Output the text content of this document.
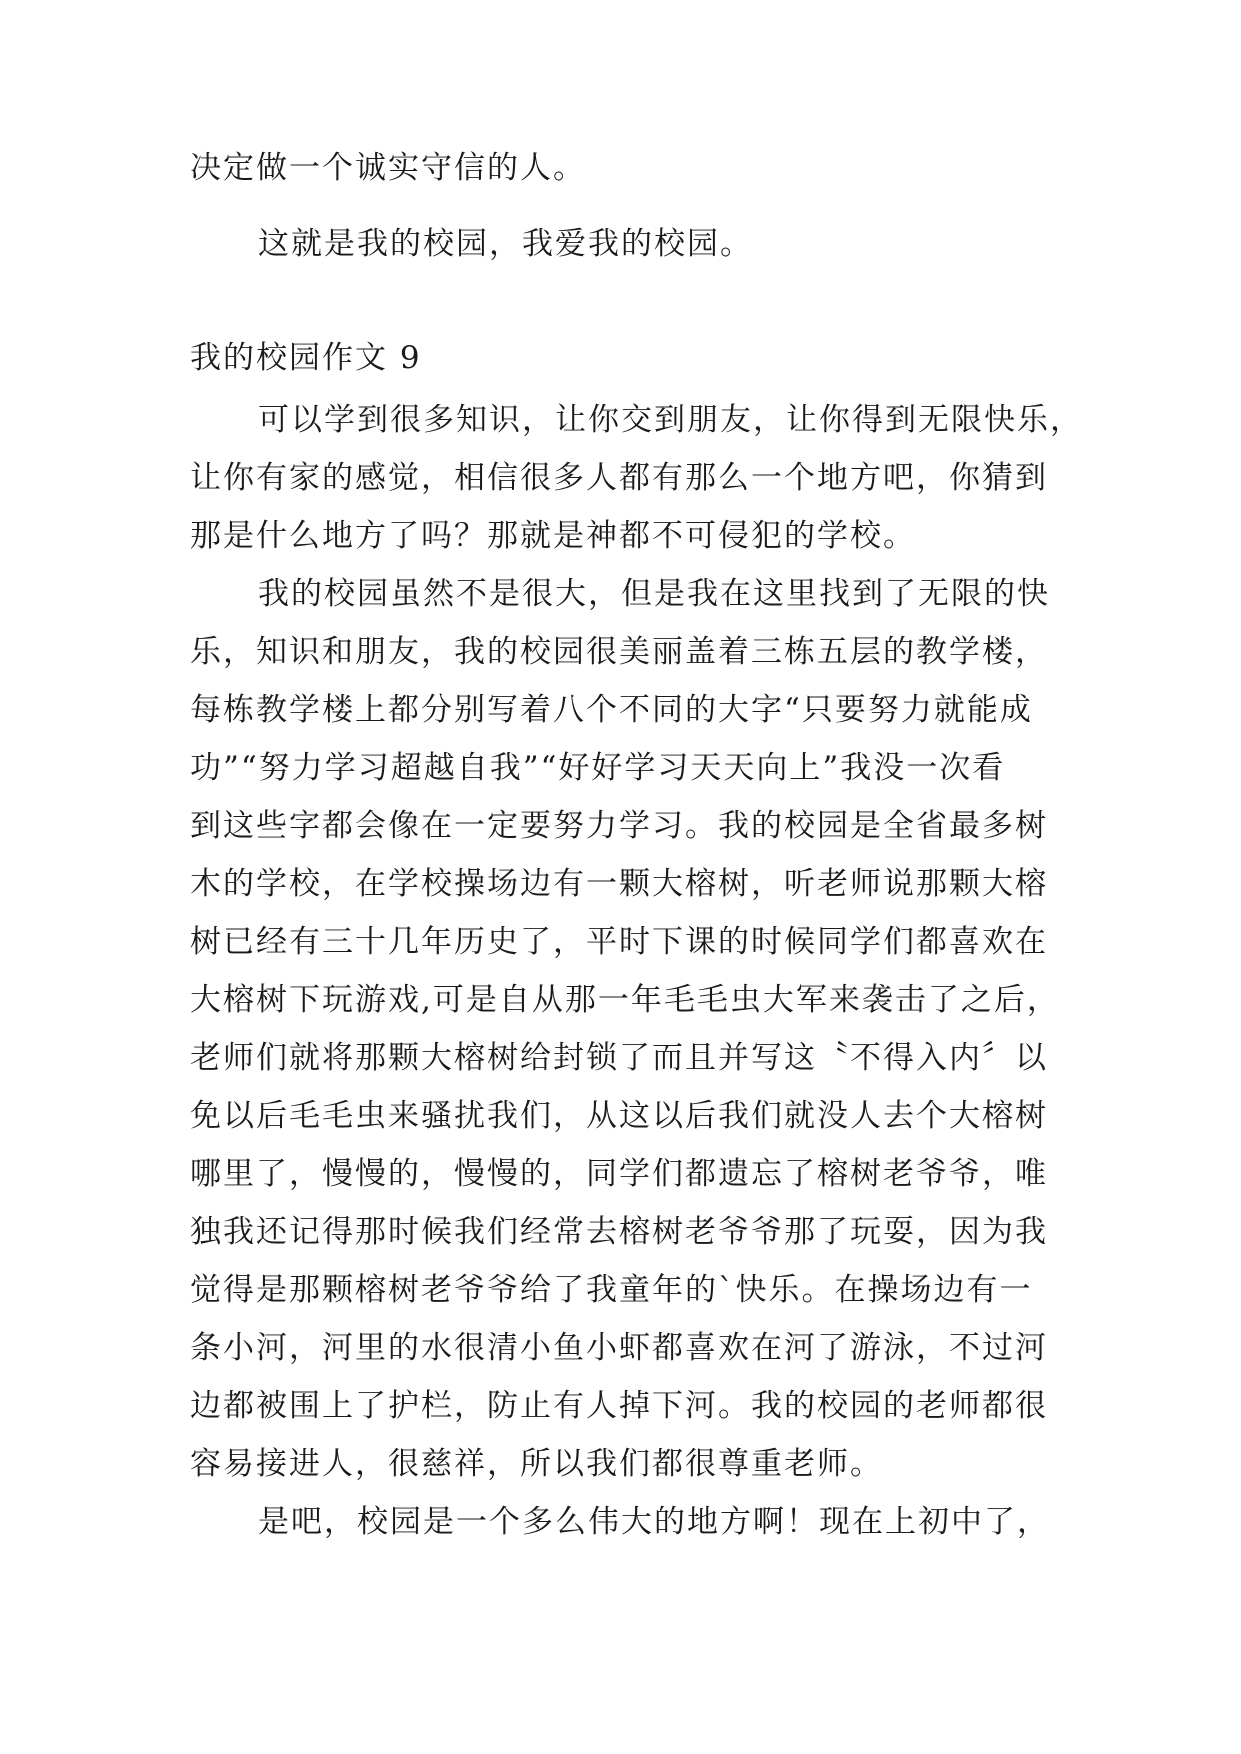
决定做一个诚实守信的人。
这就是我的校园，我爱我的校园。
我的校园作文 9
可以学到很多知识，让你交到朋友，让你得到无限快乐，
让你有家的感觉，相信很多人都有那么一个地方吧，你猜到
那是什么地方了吗？那就是神都不可侵犯的学校。
我的校园虽然不是很大，但是我在这里找到了无限的快
乐，知识和朋友，我的校园很美丽盖着三栋五层的教学楼，
每栋教学楼上都分别写着八个不同的大字“只要努力就能成
功”“努力学习超越自我”“好好学习天天向上”我没一次看
到这些字都会像在一定要努力学习。我的校园是全省最多树
木的学校，在学校操场边有一颗大榕树，听老师说那颗大榕
树已经有三十几年历史了，平时下课的时候同学们都喜欢在
大榕树下玩游戏,可是自从那一年毛毛虫大军来袭击了之后，
老师们就将那颗大榕树给封锁了而且并写这〝不得入内〞以
免以后毛毛虫来骚扰我们，从这以后我们就没人去个大榕树
哪里了，慢慢的，慢慢的，同学们都遗忘了榕树老爷爷，唯
独我还记得那时候我们经常去榕树老爷爷那了玩耍，因为我
觉得是那颗榕树老爷爷给了我童年的`快乐。在操场边有一
条小河，河里的水很清小鱼小虾都喜欢在河了游泳，不过河
边都被围上了护栏，防止有人掉下河。我的校园的老师都很
容易接进人，很慈祥，所以我们都很尊重老师。
是吧，校园是一个多么伟大的地方啊！现在上初中了，
